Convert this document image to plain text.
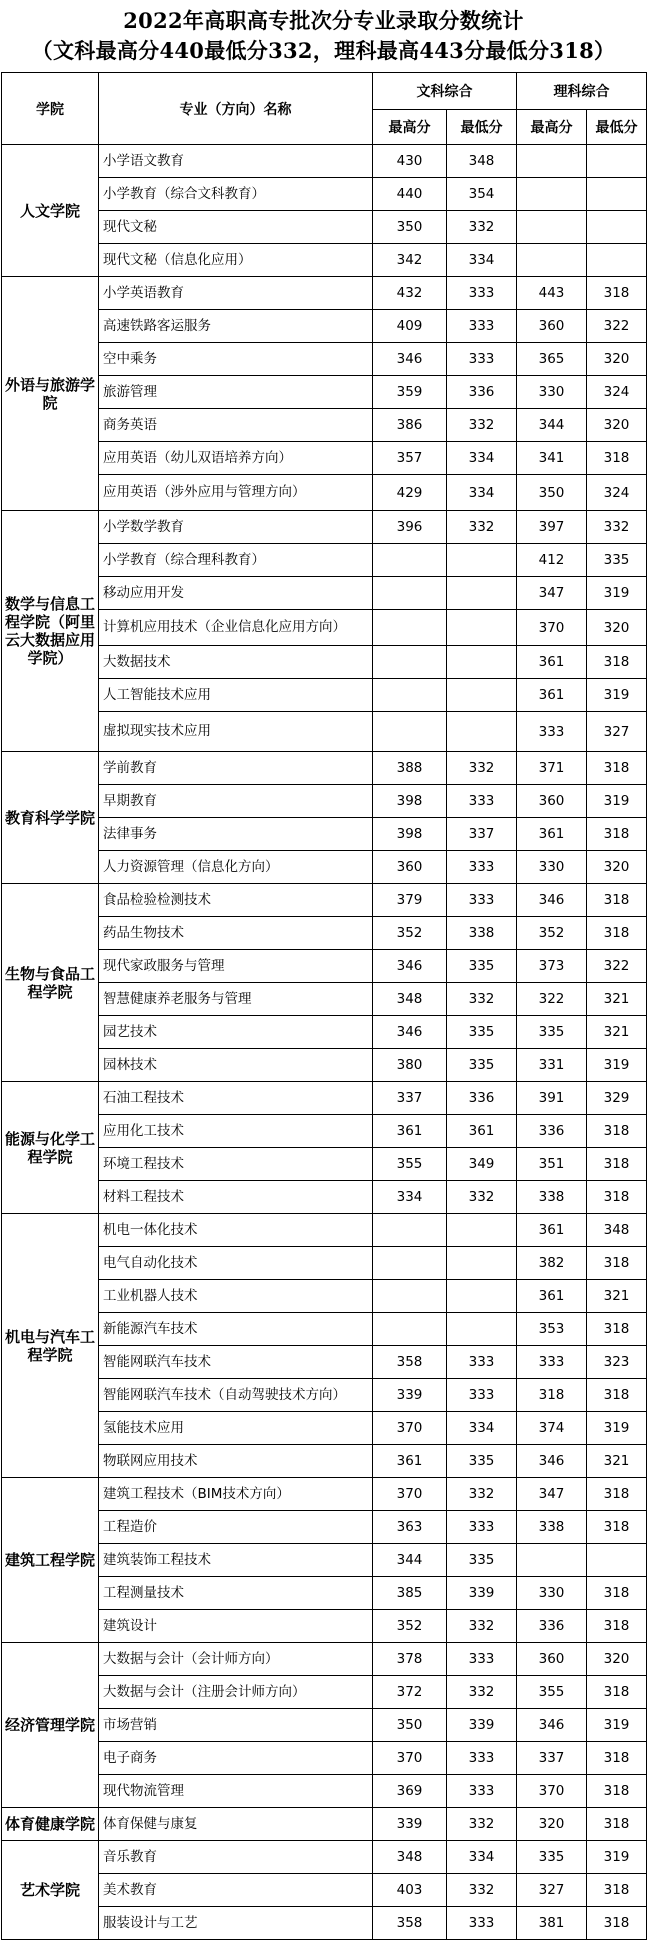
2022年高职高专批次分专业录取分数统计
（文科最高分440最低分332，理科最高443分最低分318）
学院	专业（方向）名称	文科综合		理科综合	
		最高分	最低分	最高分	最低分
人文学院	小学语文教育	430	348		
	小学教育（综合文科教育）	440	354		
	现代文秘	350	332		
	现代文秘（信息化应用）	342	334		
外语与旅游学院	小学英语教育	432	333	443	318
	高速铁路客运服务	409	333	360	322
	空中乘务	346	333	365	320
	旅游管理	359	336	330	324
	商务英语	386	332	344	320
	应用英语（幼儿双语培养方向）	357	334	341	318
	应用英语（涉外应用与管理方向）	429	334	350	324
数学与信息工程学院（阿里云大数据应用学院）	小学数学教育	396	332	397	332
	小学教育（综合理科教育）			412	335
	移动应用开发			347	319
	计算机应用技术（企业信息化应用方向）			370	320
	大数据技术			361	318
	人工智能技术应用			361	319
	虚拟现实技术应用			333	327
教育科学学院	学前教育	388	332	371	318
	早期教育	398	333	360	319
	法律事务	398	337	361	318
	人力资源管理（信息化方向）	360	333	330	320
生物与食品工程学院	食品检验检测技术	379	333	346	318
	药品生物技术	352	338	352	318
	现代家政服务与管理	346	335	373	322
	智慧健康养老服务与管理	348	332	322	321
	园艺技术	346	335	335	321
	园林技术	380	335	331	319
能源与化学工程学院	石油工程技术	337	336	391	329
	应用化工技术	361	361	336	318
	环境工程技术	355	349	351	318
	材料工程技术	334	332	338	318
机电与汽车工程学院	机电一体化技术			361	348
	电气自动化技术			382	318
	工业机器人技术			361	321
	新能源汽车技术			353	318
	智能网联汽车技术	358	333	333	323
	智能网联汽车技术（自动驾驶技术方向）	339	333	318	318
	氢能技术应用	370	334	374	319
	物联网应用技术	361	335	346	321
建筑工程学院	建筑工程技术（BIM技术方向）	370	332	347	318
	工程造价	363	333	338	318
	建筑装饰工程技术	344	335		
	工程测量技术	385	339	330	318
	建筑设计	352	332	336	318
经济管理学院	大数据与会计（会计师方向）	378	333	360	320
	大数据与会计（注册会计师方向）	372	332	355	318
	市场营销	350	339	346	319
	电子商务	370	333	337	318
	现代物流管理	369	333	370	318
体育健康学院	体育保健与康复	339	332	320	318
艺术学院	音乐教育	348	334	335	319
	美术教育	403	332	327	318
	服装设计与工艺	358	333	381	318
